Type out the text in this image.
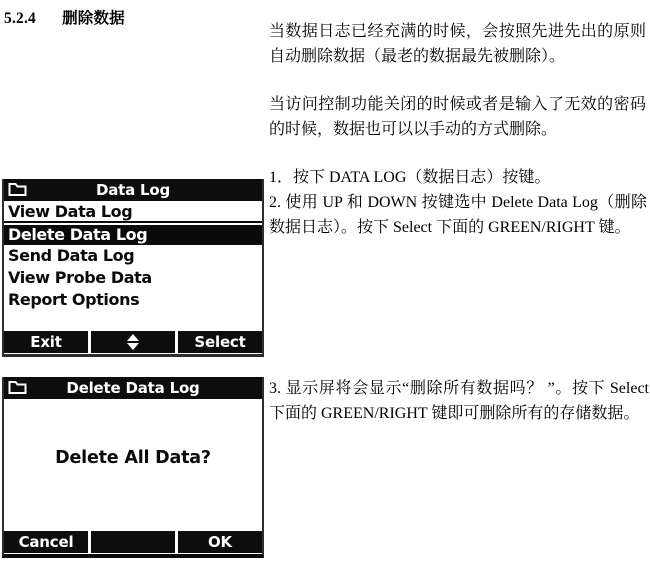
5.2.4 删除数据
当数据日志已经充满的时候，会按照先进先出的原则自动删除数据（最老的数据最先被删除）。
当访问控制功能关闭的时候或者是输入了无效的密码的时候，数据也可以以手动的方式删除。
1．按下 DATA LOG（数据日志）按键。
2. 使用 UP 和 DOWN 按键选中 Delete Data Log（删除数据日志）。按下 Select 下面的 GREEN/RIGHT 键。
3. 显示屏将会显示“删除所有数据吗？ ”。按下 Select 下面的 GREEN/RIGHT 键即可删除所有的存储数据。
Data Log
View Data Log
Delete Data Log
Send Data Log
View Probe Data
Report Options
Exit	Select
Delete Data Log
Delete All Data?
Cancel	OK
